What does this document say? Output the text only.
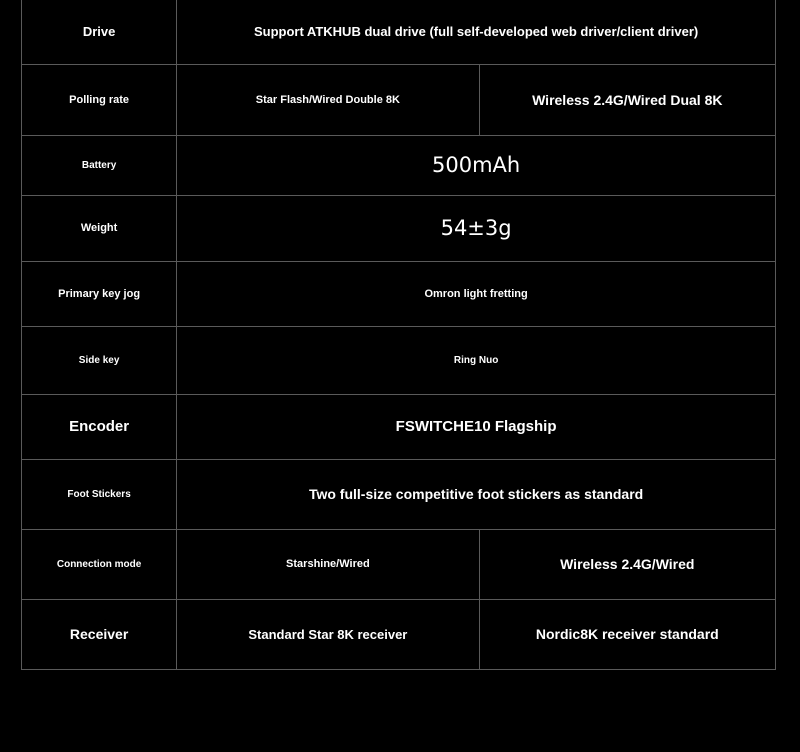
Drive	Support ATKHUB dual drive (full self-developed web driver/client driver)	
Polling rate	Star Flash/Wired Double 8K	Wireless 2.4G/Wired Dual 8K
Battery	500mAh	
Weight	54±3g	
Primary key jog	Omron light fretting	
Side key	Ring Nuo	
Encoder	FSWITCHE10 Flagship	
Foot Stickers	Two full-size competitive foot stickers as standard	
Connection mode	Starshine/Wired	Wireless 2.4G/Wired
Receiver	Standard Star 8K receiver	Nordic8K receiver standard
